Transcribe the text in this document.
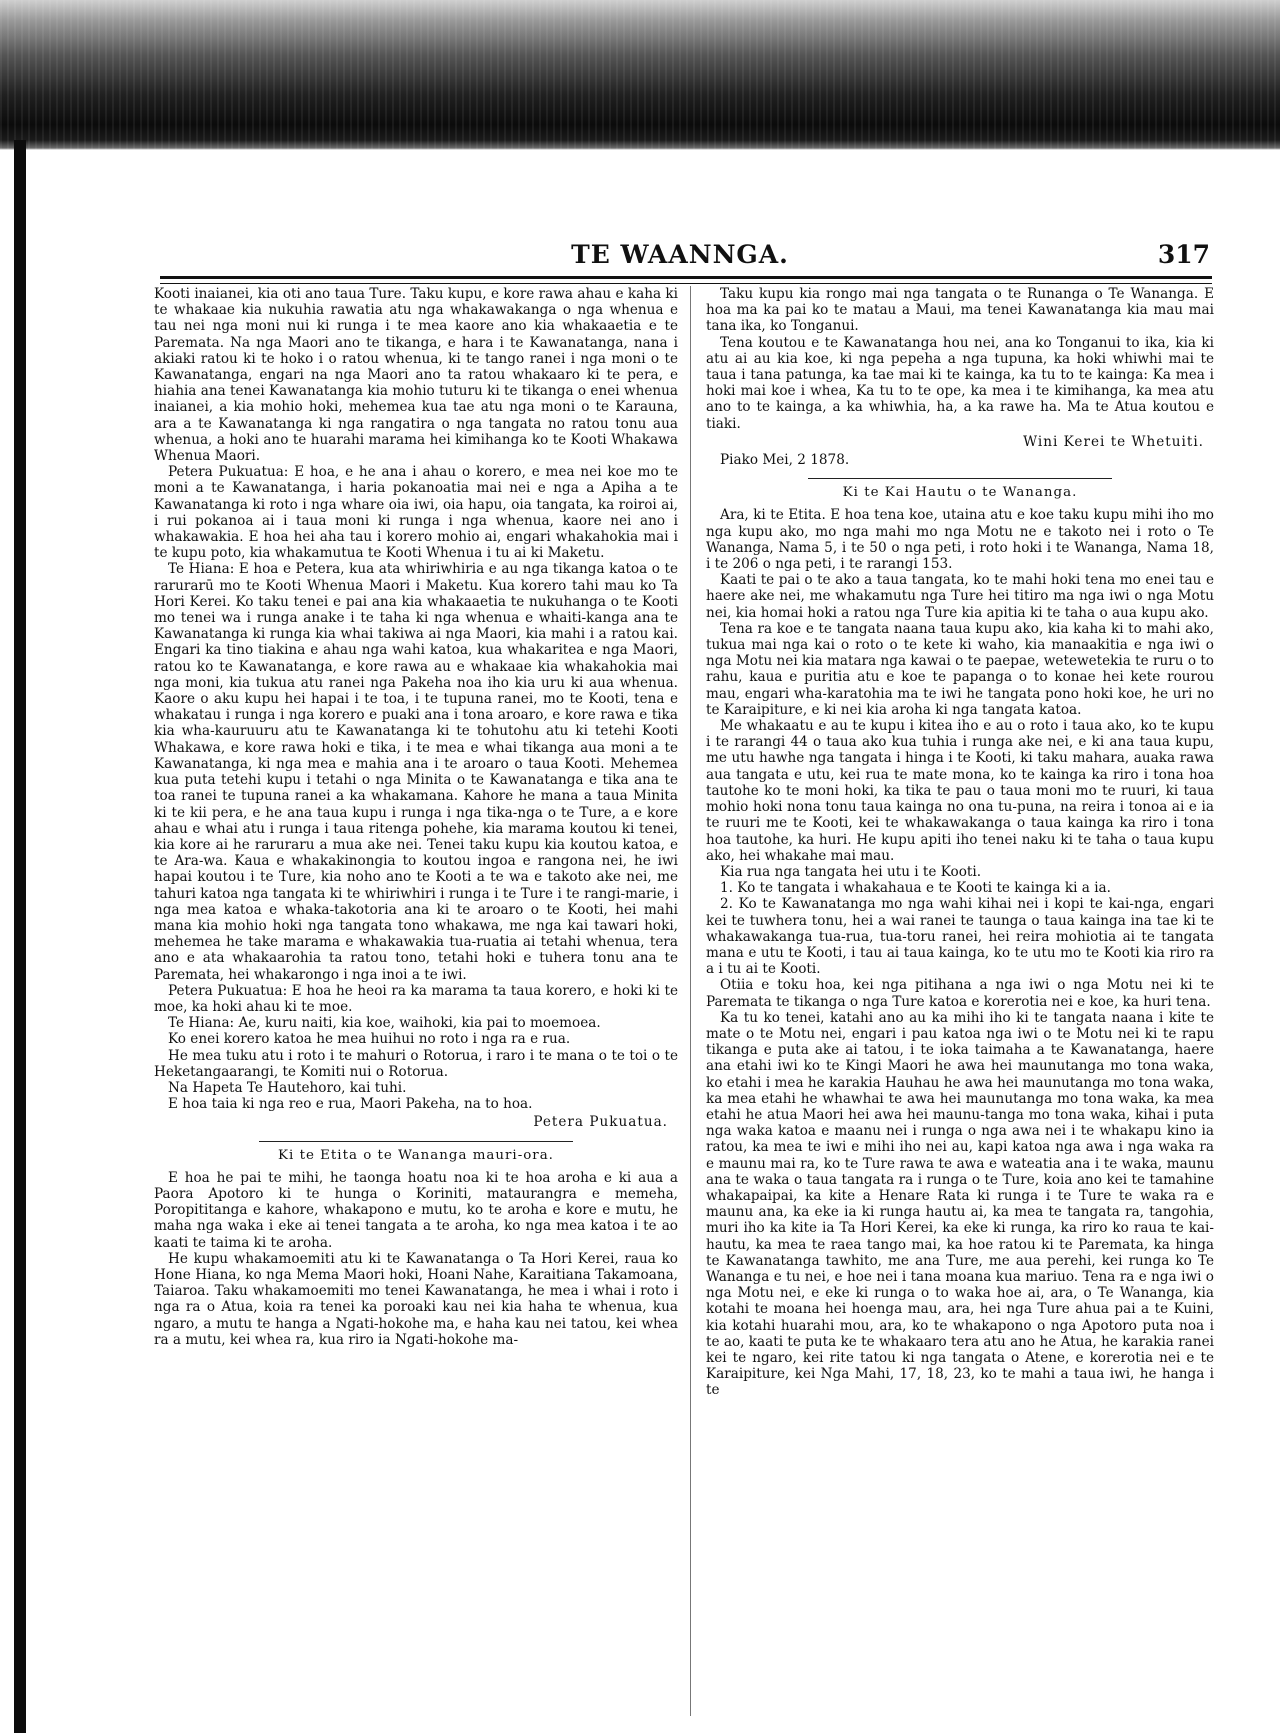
TE WAANNGA.	317

Kooti inaianei, kia oti ano taua Ture. Taku kupu, e kore rawa ahau e kaha ki te whakaae kia nukuhia rawatia atu nga whakawakanga o nga whenua e tau nei nga moni nui ki runga i te mea kaore ano kia whakaaetia e te Paremata. Na nga Maori ano te tikanga, e hara i te Kawanatanga, nana i akiaki ratou ki te hoko i o ratou whenua, ki te tango ranei i nga moni o te Kawanatanga, engari na nga Maori ano ta ratou whakaaro ki te pera, e hiahia ana tenei Kawanatanga kia mohio tuturu ki te tikanga o enei whenua inaianei, a kia mohio hoki, mehemea kua tae atu nga moni o te Karauna, ara a te Kawanatanga ki nga rangatira o nga tangata no ratou tonu aua whenua, a hoki ano te huarahi marama hei kimihanga ko te Kooti Whakawa Whenua Maori.

Petera Pukuatua: E hoa, e he ana i ahau o korero, e mea nei koe mo te moni a te Kawanatanga, i haria pokanoatia mai nei e nga a Apiha a te Kawanatanga ki roto i nga whare oia iwi, oia hapu, oia tangata, ka roiroi ai, i rui pokanoa ai i taua moni ki runga i nga whenua, kaore nei ano i whakawakia. E hoa hei aha tau i korero mohio ai, engari whakahokia mai i te kupu poto, kia whakamutua te Kooti Whenua i tu ai ki Maketu.

Te Hiana: E hoa e Petera, kua ata whiriwhiria e au nga tikanga katoa o te rarurarū mo te Kooti Whenua Maori i Maketu. Kua korero tahi mau ko Ta Hori Kerei. Ko taku tenei e pai ana kia whakaaetia te nukuhanga o te Kooti mo tenei wa i runga anake i te taha ki nga whenua e whaiti-kanga ana te Kawanatanga ki runga kia whai takiwa ai nga Maori, kia mahi i a ratou kai. Engari ka tino tiakina e ahau nga wahi katoa, kua whakaritea e nga Maori, ratou ko te Kawanatanga, e kore rawa au e whakaae kia whakahokia mai nga moni, kia tukua atu ranei nga Pakeha noa iho kia uru ki aua whenua. Kaore o aku kupu hei hapai i te toa, i te tupuna ranei, mo te Kooti, tena e whakatau i runga i nga korero e puaki ana i tona aroaro, e kore rawa e tika kia wha-kauruuru atu te Kawanatanga ki te tohutohu atu ki tetehi Kooti Whakawa, e kore rawa hoki e tika, i te mea e whai tikanga aua moni a te Kawanatanga, ki nga mea e mahia ana i te aroaro o taua Kooti. Mehemea kua puta tetehi kupu i tetahi o nga Minita o te Kawanatanga e tika ana te toa ranei te tupuna ranei a ka whakamana. Kahore he mana a taua Minita ki te kii pera, e he ana taua kupu i runga i nga tika-nga o te Ture, a e kore ahau e whai atu i runga i taua ritenga pohehe, kia marama koutou ki tenei, kia kore ai he raruraru a mua ake nei. Tenei taku kupu kia koutou katoa, e te Ara-wa. Kaua e whakakinongia to koutou ingoa e rangona nei, he iwi hapai koutou i te Ture, kia noho ano te Kooti a te wa e takoto ake nei, me tahuri katoa nga tangata ki te whiriwhiri i runga i te Ture i te rangi-marie, i nga mea katoa e whaka-takotoria ana ki te aroaro o te Kooti, hei mahi mana kia mohio hoki nga tangata tono whakawa, me nga kai tawari hoki, mehemea he take marama e whakawakia tua-ruatia ai tetahi whenua, tera ano e ata whakaarohia ta ratou tono, tetahi hoki e tuhera tonu ana te Paremata, hei whakarongo i nga inoi a te iwi.

Petera Pukuatua: E hoa he heoi ra ka marama ta taua korero, e hoki ki te moe, ka hoki ahau ki te moe.

Te Hiana: Ae, kuru naiti, kia koe, waihoki, kia pai to moemoea.

Ko enei korero katoa he mea huihui no roto i nga ra e rua.

He mea tuku atu i roto i te mahuri o Rotorua, i raro i te mana o te toi o te Heketangaarangi, te Komiti nui o Rotorua.

Na Hapeta Te Hautehoro, kai tuhi.

E hoa taia ki nga reo e rua, Maori Pakeha, na to hoa.

Petera Pukuatua.
Ki te Etita o te Wananga mauri-ora.

E hoa he pai te mihi, he taonga hoatu noa ki te hoa aroha e ki aua a Paora Apotoro ki te hunga o Koriniti, mataurangra e memeha, Poropititanga e kahore, whakapono e mutu, ko te aroha e kore e mutu, he maha nga waka i eke ai tenei tangata a te aroha, ko nga mea katoa i te ao kaati te taima ki te aroha.

He kupu whakamoemiti atu ki te Kawanatanga o Ta Hori Kerei, raua ko Hone Hiana, ko nga Mema Maori hoki, Hoani Nahe, Karaitiana Takamoana, Taiaroa. Taku whakamoemiti mo tenei Kawanatanga, he mea i whai i roto i nga ra o Atua, koia ra tenei ka poroaki kau nei kia haha te whenua, kua ngaro, a mutu te hanga a Ngati-hokohe ma, e haha kau nei tatou, kei whea ra a mutu, kei whea ra, kua riro ia Ngati-hokohe ma-

Taku kupu kia rongo mai nga tangata o te Runanga o Te Wananga. E hoa ma ka pai ko te matau a Maui, ma tenei Kawanatanga kia mau mai tana ika, ko Tonganui.

Tena koutou e te Kawanatanga hou nei, ana ko Tonganui to ika, kia ki atu ai au kia koe, ki nga pepeha a nga tupuna, ka hoki whiwhi mai te taua i tana patunga, ka tae mai ki te kainga, ka tu to te kainga: Ka mea i hoki mai koe i whea, Ka tu to te ope, ka mea i te kimihanga, ka mea atu ano to te kainga, a ka whiwhia, ha, a ka rawe ha. Ma te Atua koutou e tiaki.

Wini Kerei te Whetuiti.
Piako Mei, 2 1878.
Ki te Kai Hautu o te Wananga.

Ara, ki te Etita. E hoa tena koe, utaina atu e koe taku kupu mihi iho mo nga kupu ako, mo nga mahi mo nga Motu ne e takoto nei i roto o Te Wananga, Nama 5, i te 50 o nga peti, i roto hoki i te Wananga, Nama 18, i te 206 o nga peti, i te rarangi 153.

Kaati te pai o te ako a taua tangata, ko te mahi hoki tena mo enei tau e haere ake nei, me whakamutu nga Ture hei titiro ma nga iwi o nga Motu nei, kia homai hoki a ratou nga Ture kia apitia ki te taha o aua kupu ako.

Tena ra koe e te tangata naana taua kupu ako, kia kaha ki to mahi ako, tukua mai nga kai o roto o te kete ki waho, kia manaakitia e nga iwi o nga Motu nei kia matara nga kawai o te paepae, wetewetekia te ruru o to rahu, kaua e puritia atu e koe te papanga o to konae hei kete rourou mau, engari wha-karatohia ma te iwi he tangata pono hoki koe, he uri no te Karaipiture, e ki nei kia aroha ki nga tangata katoa.

Me whakaatu e au te kupu i kitea iho e au o roto i taua ako, ko te kupu i te rarangi 44 o taua ako kua tuhia i runga ake nei, e ki ana taua kupu, me utu hawhe nga tangata i hinga i te Kooti, ki taku mahara, auaka rawa aua tangata e utu, kei rua te mate mona, ko te kainga ka riro i tona hoa tautohe ko te moni hoki, ka tika te pau o taua moni mo te ruuri, ki taua mohio hoki nona tonu taua kainga no ona tu-puna, na reira i tonoa ai e ia te ruuri me te Kooti, kei te whakawakanga o taua kainga ka riro i tona hoa tautohe, ka huri. He kupu apiti iho tenei naku ki te taha o taua kupu ako, hei whakahe mai mau.

Kia rua nga tangata hei utu i te Kooti.

1. Ko te tangata i whakahaua e te Kooti te kainga ki a ia.

2. Ko te Kawanatanga mo nga wahi kihai nei i kopi te kai-nga, engari kei te tuwhera tonu, hei a wai ranei te taunga o taua kainga ina tae ki te whakawakanga tua-rua, tua-toru ranei, hei reira mohiotia ai te tangata mana e utu te Kooti, i tau ai taua kainga, ko te utu mo te Kooti kia riro ra a i tu ai te Kooti.

Otiia e toku hoa, kei nga pitihana a nga iwi o nga Motu nei ki te Paremata te tikanga o nga Ture katoa e korerotia nei e koe, ka huri tena.

Ka tu ko tenei, katahi ano au ka mihi iho ki te tangata naana i kite te mate o te Motu nei, engari i pau katoa nga iwi o te Motu nei ki te rapu tikanga e puta ake ai tatou, i te ioka taimaha a te Kawanatanga, haere ana etahi iwi ko te Kingi Maori he awa hei maunutanga mo tona waka, ko etahi i mea he karakia Hauhau he awa hei maunutanga mo tona waka, ka mea etahi he whawhai te awa hei maunutanga mo tona waka, ka mea etahi he atua Maori hei awa hei maunu-tanga mo tona waka, kihai i puta nga waka katoa e maanu nei i runga o nga awa nei i te whakapu kino ia ratou, ka mea te iwi e mihi iho nei au, kapi katoa nga awa i nga waka ra e maunu mai ra, ko te Ture rawa te awa e wateatia ana i te waka, maunu ana te waka o taua tangata ra i runga o te Ture, koia ano kei te tamahine whakapaipai, ka kite a Henare Rata ki runga i te Ture te waka ra e maunu ana, ka eke ia ki runga hautu ai, ka mea te tangata ra, tangohia, muri iho ka kite ia Ta Hori Kerei, ka eke ki runga, ka riro ko raua te kai-hautu, ka mea te raea tango mai, ka hoe ratou ki te Paremata, ka hinga te Kawanatanga tawhito, me ana Ture, me aua perehi, kei runga ko Te Wananga e tu nei, e hoe nei i tana moana kua mariuo. Tena ra e nga iwi o nga Motu nei, e eke ki runga o to waka hoe ai, ara, o Te Wananga, kia kotahi te moana hei hoenga mau, ara, hei nga Ture ahua pai a te Kuini, kia kotahi huarahi mou, ara, ko te whakapono o nga Apotoro puta noa i te ao, kaati te puta ke te whakaaro tera atu ano he Atua, he karakia ranei kei te ngaro, kei rite tatou ki nga tangata o Atene, e korerotia nei e te Karaipiture, kei Nga Mahi, 17, 18, 23, ko te mahi a taua iwi, he hanga i te
